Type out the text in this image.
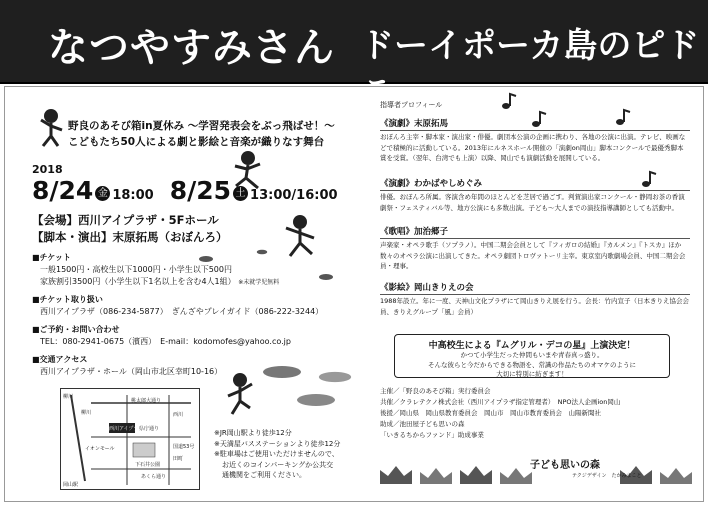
なつやすみさん ドーイポーカ島のピドラ
野良のあそび箱in夏休み ～学習発表会をぶっ飛ばせ！～
こどもたち50人による劇と影絵と音楽が織りなす舞台
2018
8/24 金 18:00 8/25 土 13:00/16:00
【会場】西川アイプラザ・5Fホール
【脚本・演出】末原拓馬（おぼんろ）
■チケット
一般1500円・高校生以下1000円・小学生以下500円
家族割引3500円（小学生以下1名以上を含む4人1組） ※未就学児無料
■チケット取り扱い
西川アイプラザ（086-234-5877）　ぎんざやプレイガイド（086-222-3244）
■ご予約・お問い合わせ
TEL：080-2941-0675（濱西）　E-mail：kodomofes@yahoo.co.jp
■交通アクセス
西川アイプラザ・ホール（岡山市北区幸町10-16）
柳川
西川
県庁通り
あくら通り
西川アイプラザ
下石井公園
イオンモール
岡山駅
桃太郎大通り
柳川
国道53号
田町
※JR岡山駅より徒歩12分
※天満屋バスステーションより徒歩12分
※駐車場はご使用いただけませんので、
お近くのコインパーキングか公共交
通機関をご利用ください。
指導者プロフィール
《演劇》末原拓馬
おぼんろ主宰・脚本家・演出家・俳優。劇団本公演の企画に携わり、各地の公演に出演。テレビ、映画などで積極的に活動している。2013年にルネスホール開催の「演劇on岡山」脚本コンクールで最優秀脚本賞を受賞。（翌年、台湾でも上演）以降、岡山でも演劇活動を展開している。
《演劇》わかばやしめぐみ
俳優。おぼんろ所属。客演含め年間のほとんどを芝居で過ごす。判賀演出家コンクール・静岡お茶の香演劇祭・フェスティバル等、地方公演にも多数出演。子ども～大人までの演技指導講師としても活動中。
《歌唱》加治郷子
声楽家・オペラ歌手（ソプラノ）。中国二期会会員として『フィガロの結婚』『カルメン』『トスカ』ほか数々のオペラ公演に出演してきた。オペラ劇団トロヴァトーリ主宰。東京室内歌劇場会員、中国二期会会員・理事。
《影絵》岡山きりえの会
1988年設立。年に一度、天神山文化プラザにて岡山きりえ展を行う。会長：竹内宣子（日本きりえ協会会員、きりえグループ「風」会員）
中高校生による『ムグリル・デコの星』上演決定！
かつて小学生だった仲間もいまや青春真っ盛り。
そんな彼らと今だからできる物語を、常識の作品たちのオマケのように
大切に特別に紡ぎます！
主催／「野良のあそび箱」実行委員会
共催／クラレテクノ株式会社（西川アイプラザ指定管理者）　NPO法人企画ion岡山
後援／岡山県　岡山県教育委員会　岡山市　岡山市教育委員会　山陽新聞社
助成／池田屋子ども思いの森
「いきるちからファンド」助成事業
子ども思いの森
テクジデザイン　たかみまこと
